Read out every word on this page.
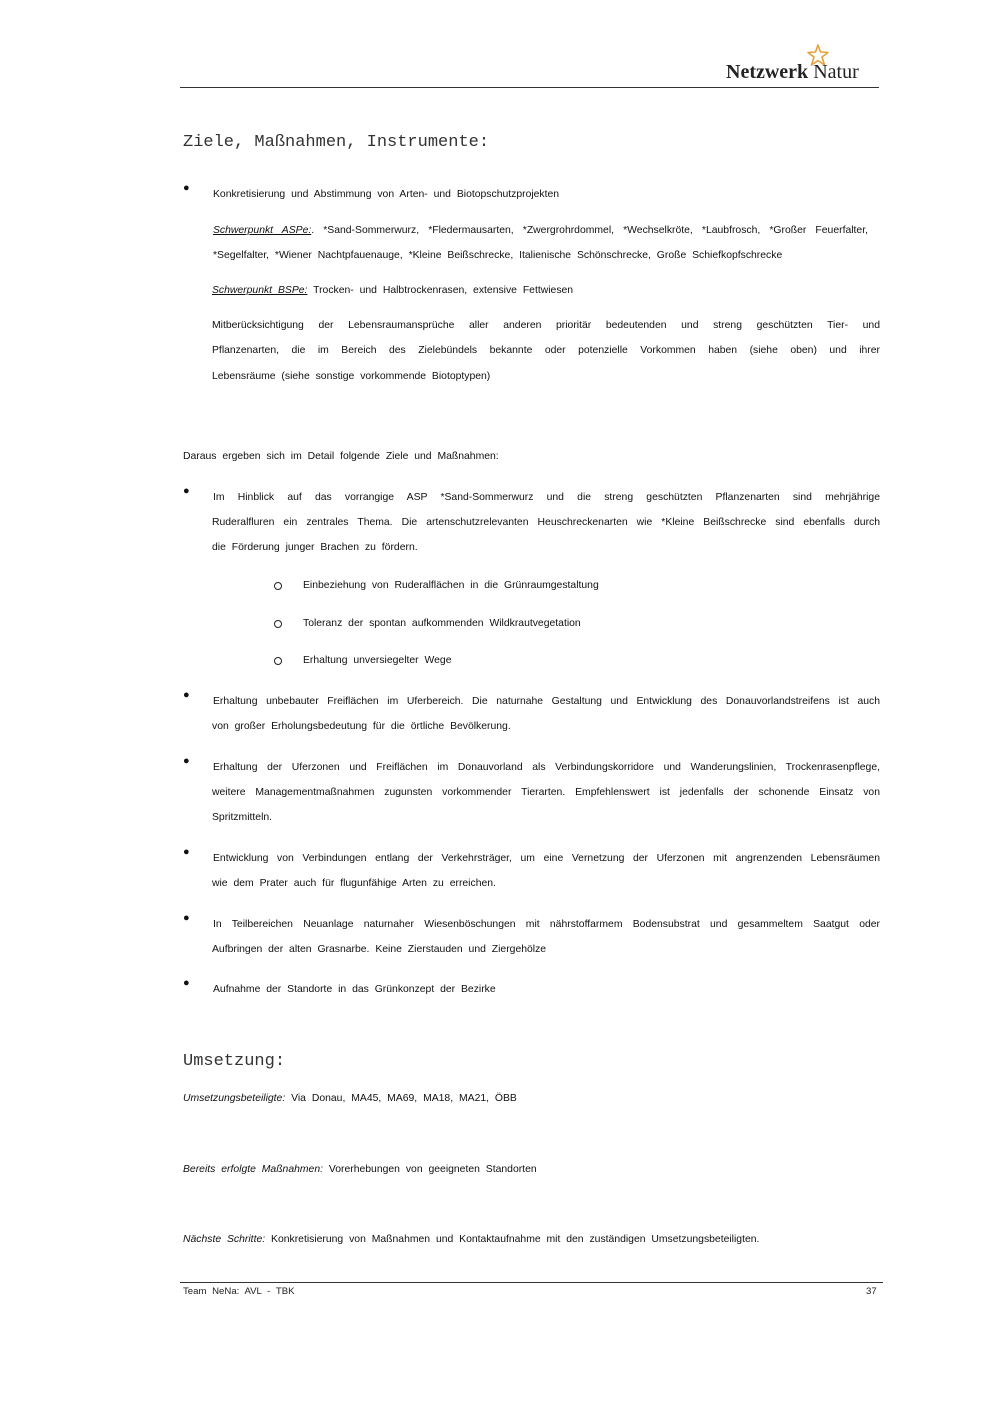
Netzwerk Natur
Ziele, Maßnahmen, Instrumente:
●
Konkretisierung und Abstimmung von Arten- und Biotopschutzprojekten
Schwerpunkt ASPe:. *Sand-Sommerwurz, *Fledermausarten, *Zwergrohrdommel, *Wechselkröte, *Laubfrosch, *Großer Feuerfalter,
*Segelfalter, *Wiener Nachtpfauenauge, *Kleine Beißschrecke, Italienische Schönschrecke, Große Schiefkopfschrecke
Schwerpunkt BSPe: Trocken- und Halbtrockenrasen, extensive Fettwiesen
Mitberücksichtigung der Lebensraumansprüche aller anderen prioritär bedeutenden und streng geschützten Tier- und
Pflanzenarten, die im Bereich des Zielebündels bekannte oder potenzielle Vorkommen haben (siehe oben) und ihrer
Lebensräume (siehe sonstige vorkommende Biotoptypen)
Daraus ergeben sich im Detail folgende Ziele und Maßnahmen:
●
Im Hinblick auf das vorrangige ASP *Sand-Sommerwurz und die streng geschützten Pflanzenarten sind mehrjährige
Ruderalfluren ein zentrales Thema. Die artenschutzrelevanten Heuschreckenarten wie *Kleine Beißschrecke sind ebenfalls durch
die Förderung junger Brachen zu fördern.
Einbeziehung von Ruderalflächen in die Grünraumgestaltung
Toleranz der spontan aufkommenden Wildkrautvegetation
Erhaltung unversiegelter Wege
●
Erhaltung unbebauter Freiflächen im Uferbereich. Die naturnahe Gestaltung und Entwicklung des Donauvorlandstreifens ist auch
von großer Erholungsbedeutung für die örtliche Bevölkerung.
●
Erhaltung der Uferzonen und Freiflächen im Donauvorland als Verbindungskorridore und Wanderungslinien, Trockenrasenpflege,
weitere Managementmaßnahmen zugunsten vorkommender Tierarten. Empfehlenswert ist jedenfalls der schonende Einsatz von
Spritzmitteln.
●
Entwicklung von Verbindungen entlang der Verkehrsträger, um eine Vernetzung der Uferzonen mit angrenzenden Lebensräumen
wie dem Prater auch für flugunfähige Arten zu erreichen.
●
In Teilbereichen Neuanlage naturnaher Wiesenböschungen mit nährstoffarmem Bodensubstrat und gesammeltem Saatgut oder
Aufbringen der alten Grasnarbe. Keine Zierstauden und Ziergehölze
●
Aufnahme der Standorte in das Grünkonzept der Bezirke
Umsetzung:
Umsetzungsbeteiligte: Via Donau, MA45, MA69, MA18, MA21, ÖBB
Bereits erfolgte Maßnahmen: Vorerhebungen von geeigneten Standorten
Nächste Schritte: Konkretisierung von Maßnahmen und Kontaktaufnahme mit den zuständigen Umsetzungsbeteiligten.
Team NeNa: AVL - TBK	37
